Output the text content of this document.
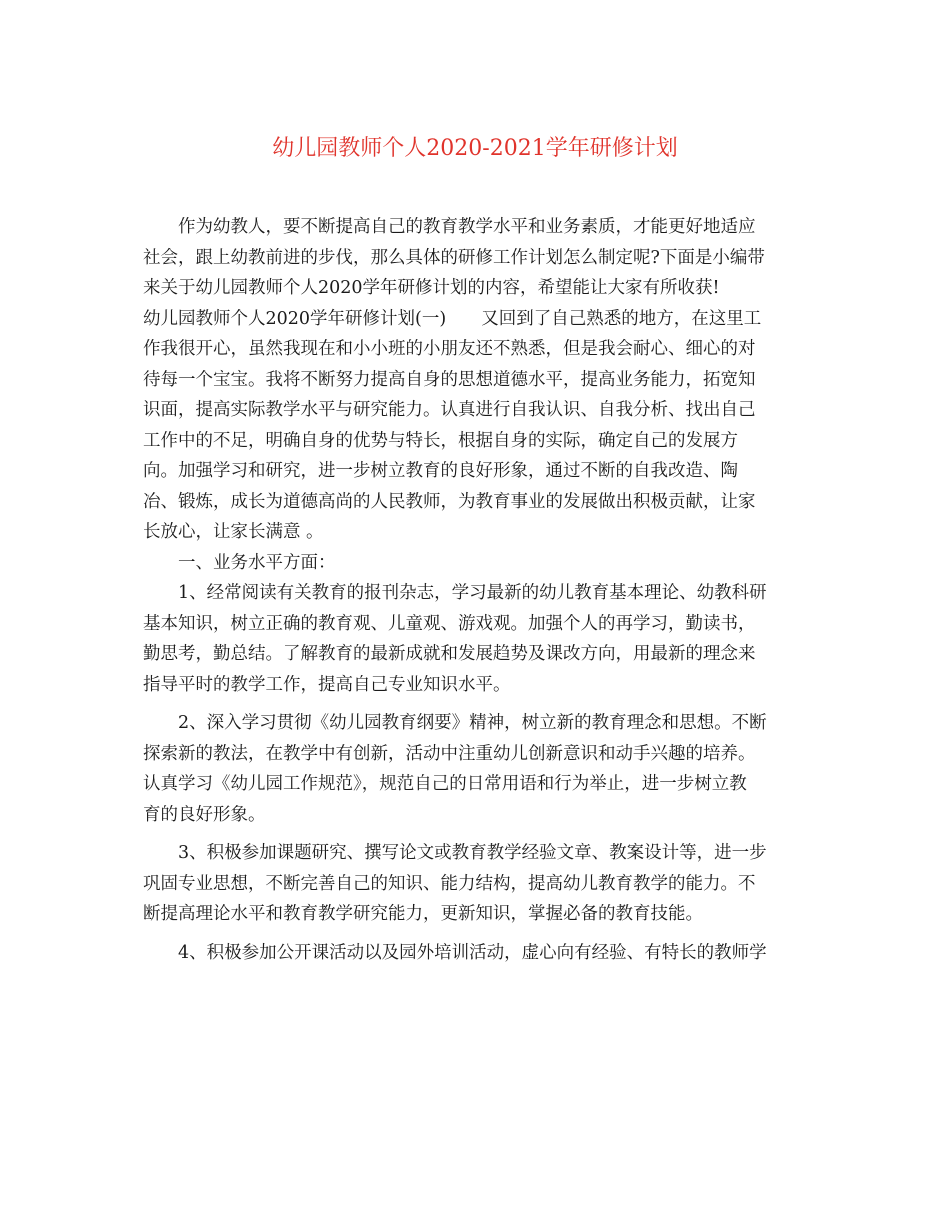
幼儿园教师个人2020-2021学年研修计划
作为幼教人，要不断提高自己的教育教学水平和业务素质，才能更好地适应
社会，跟上幼教前进的步伐，那么具体的研修工作计划怎么制定呢?下面是小编带
来关于幼儿园教师个人2020学年研修计划的内容，希望能让大家有所收获!
幼儿园教师个人2020学年研修计划(一)　　又回到了自己熟悉的地方，在这里工
作我很开心，虽然我现在和小小班的小朋友还不熟悉，但是我会耐心、细心的对
待每一个宝宝。我将不断努力提高自身的思想道德水平，提高业务能力，拓宽知
识面，提高实际教学水平与研究能力。认真进行自我认识、自我分析、找出自己
工作中的不足，明确自身的优势与特长，根据自身的实际，确定自己的发展方
向。加强学习和研究，进一步树立教育的良好形象，通过不断的自我改造、陶
冶、锻炼，成长为道德高尚的人民教师，为教育事业的发展做出积极贡献，让家
长放心，让家长满意 。
一、业务水平方面：
1、经常阅读有关教育的报刊杂志，学习最新的幼儿教育基本理论、幼教科研
基本知识，树立正确的教育观、儿童观、游戏观。加强个人的再学习，勤读书，
勤思考，勤总结。了解教育的最新成就和发展趋势及课改方向，用最新的理念来
指导平时的教学工作，提高自己专业知识水平。
2、深入学习贯彻《幼儿园教育纲要》精神，树立新的教育理念和思想。不断
探索新的教法，在教学中有创新，活动中注重幼儿创新意识和动手兴趣的培养。
认真学习《幼儿园工作规范》，规范自己的日常用语和行为举止，进一步树立教
育的良好形象。
3、积极参加课题研究、撰写论文或教育教学经验文章、教案设计等，进一步
巩固专业思想，不断完善自己的知识、能力结构，提高幼儿教育教学的能力。不
断提高理论水平和教育教学研究能力，更新知识，掌握必备的教育技能。
4、积极参加公开课活动以及园外培训活动，虚心向有经验、有特长的教师学
